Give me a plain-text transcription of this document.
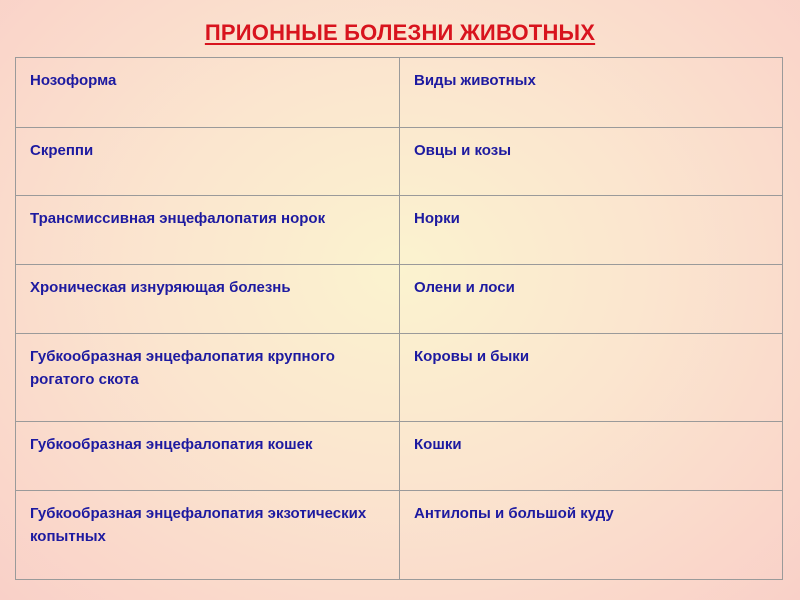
ПРИОННЫЕ БОЛЕЗНИ ЖИВОТНЫХ
Нозоформа	Виды животных
Скреппи	Овцы и козы
Трансмиссивная энцефалопатия норок	Норки
Хроническая изнуряющая болезнь	Олени и лоси
Губкообразная энцефалопатия крупного рогатого скота	Коровы и быки
Губкообразная энцефалопатия кошек	Кошки
Губкообразная энцефалопатия экзотических копытных	Антилопы и большой куду
